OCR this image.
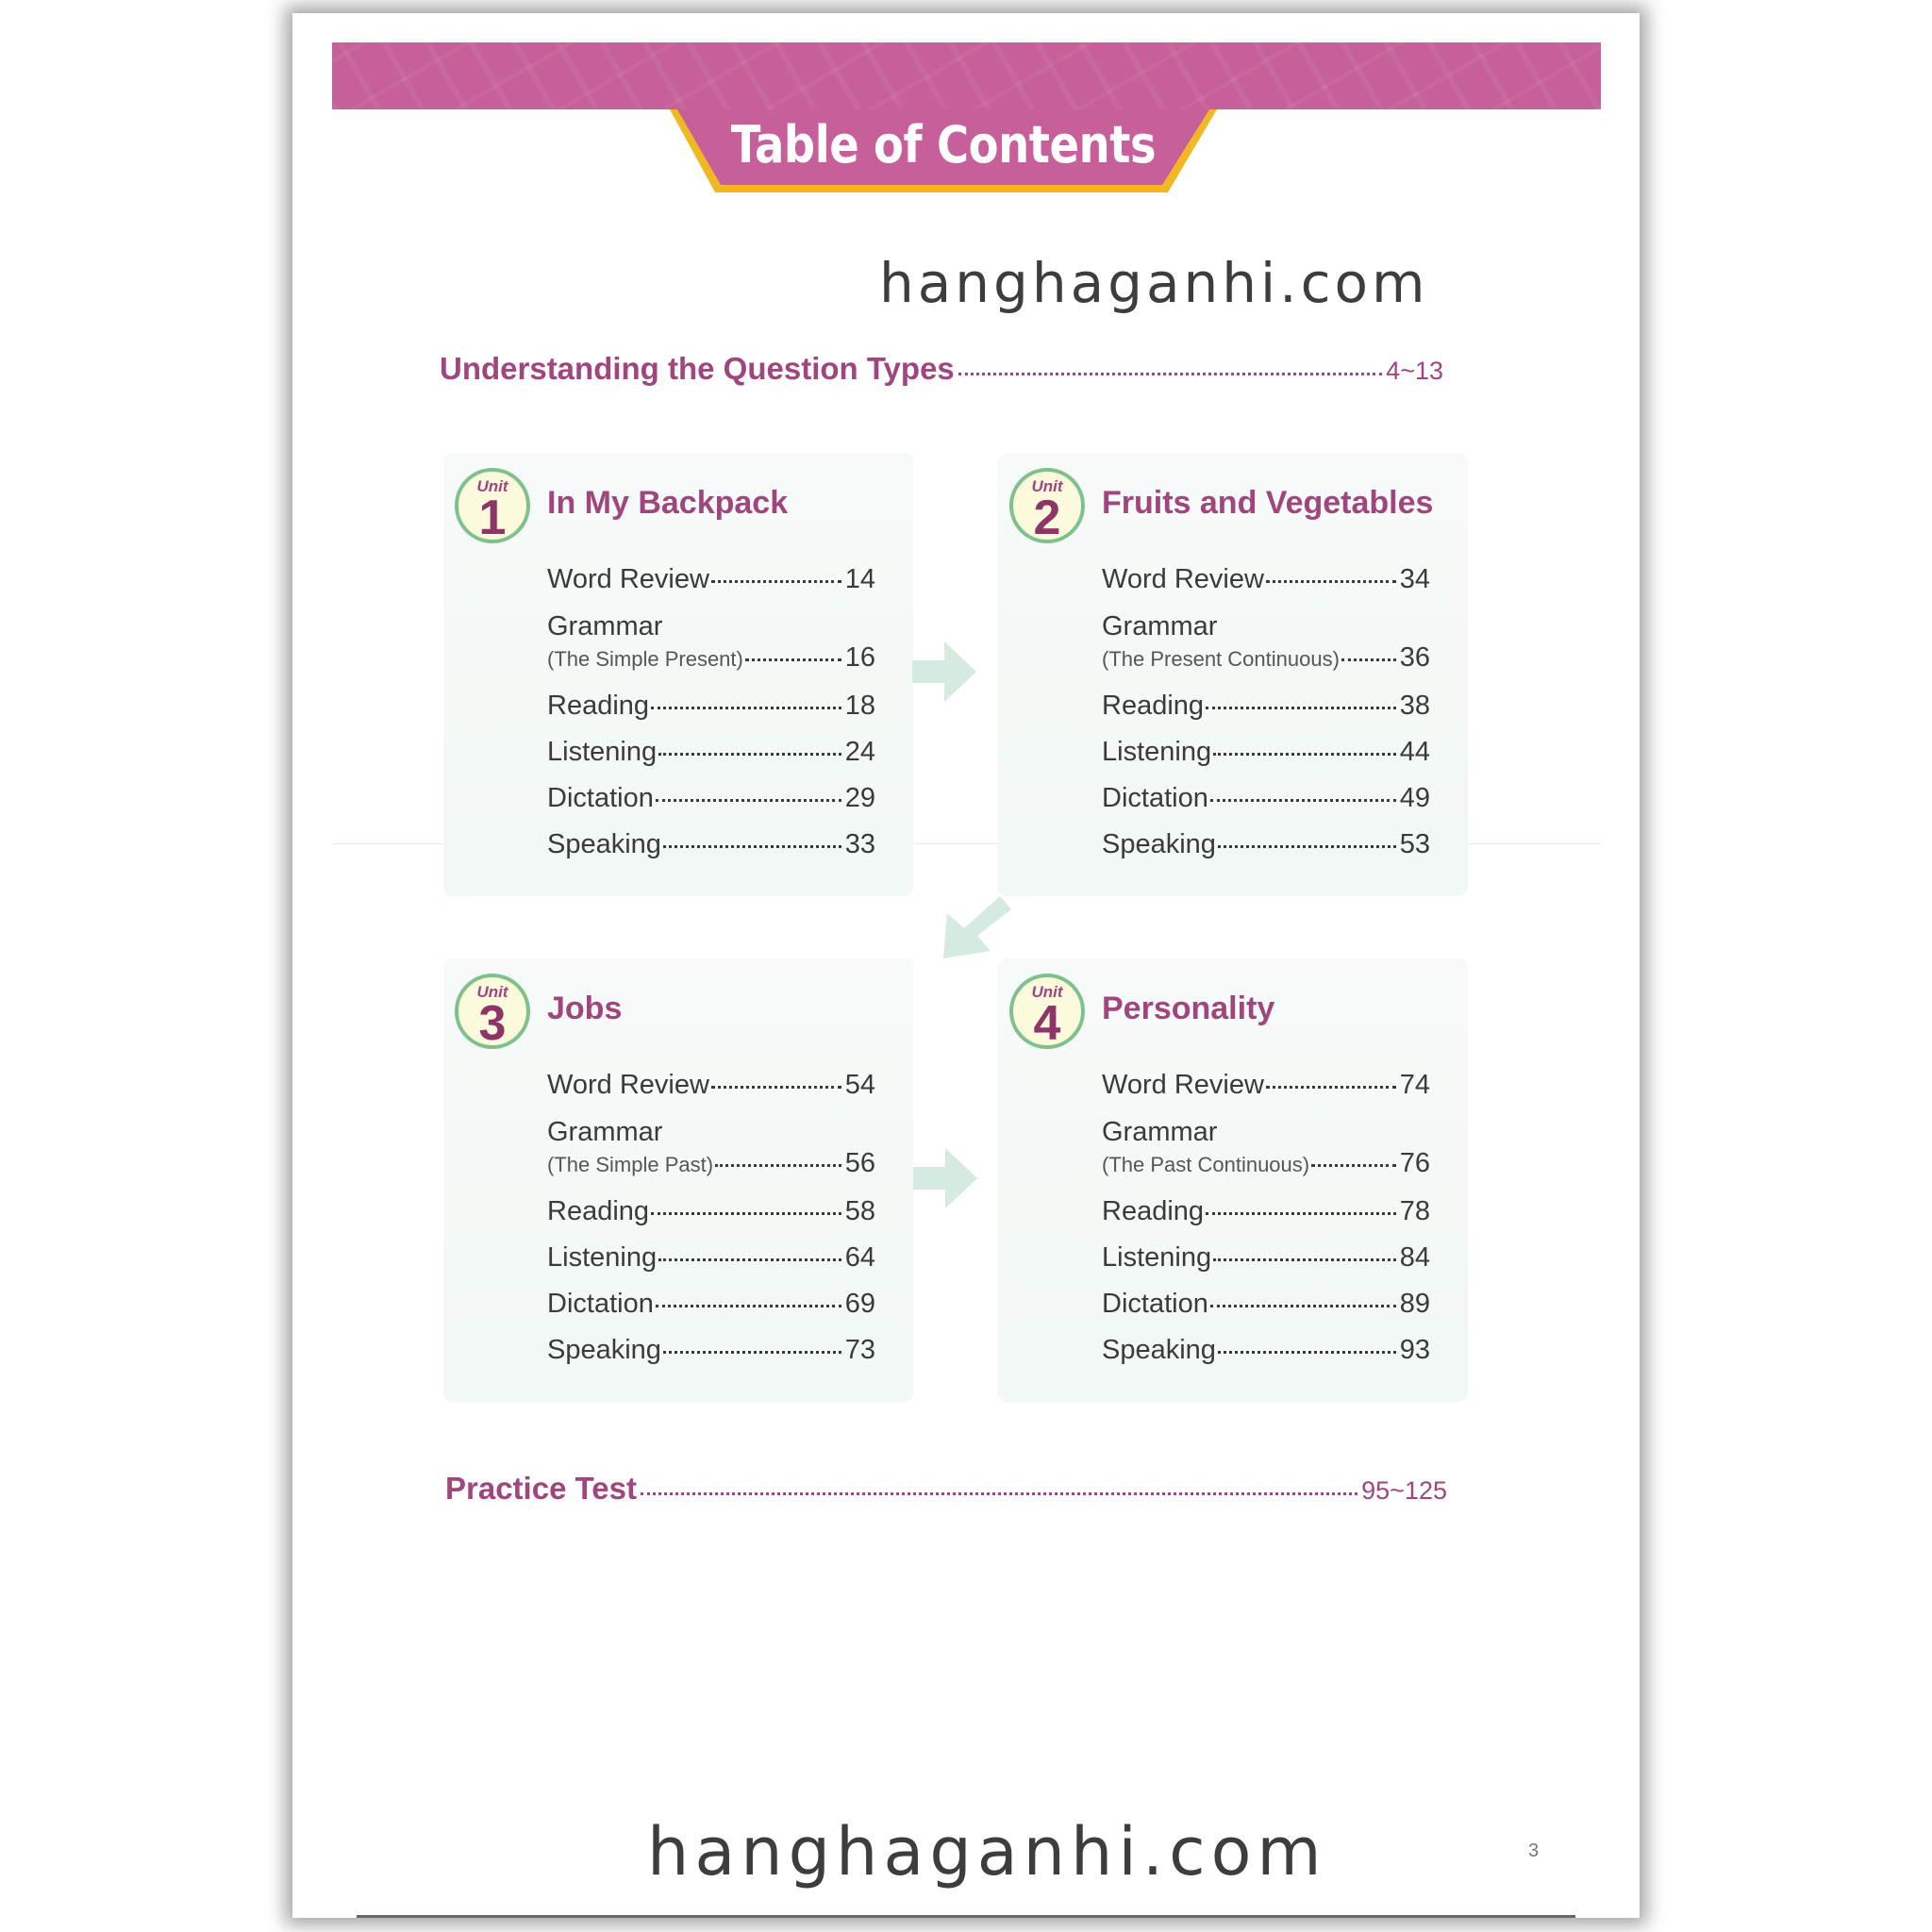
Table of Contents
hanghaganhi.com
Understanding the Question Types	4~13
Unit
1	In My Backpack
Word Review	14
Grammar
(The Simple Present)	16
Reading	18
Listening	24
Dictation	29
Speaking	33
Unit
2	Fruits and Vegetables
Word Review	34
Grammar
(The Present Continuous) 36
Reading	38
Listening	44
Dictation	49
Speaking	53
Unit
3	Jobs
Word Review	54
Grammar
(The Simple Past)	56
Reading	58
Listening	64
Dictation	69
Speaking	73
Unit
4	Personality
Word Review	74
Grammar
(The Past Continuous)	76
Reading	78
Listening	84
Dictation	89
Speaking	93
Practice Test	95~125
hanghaganhi.com	3
